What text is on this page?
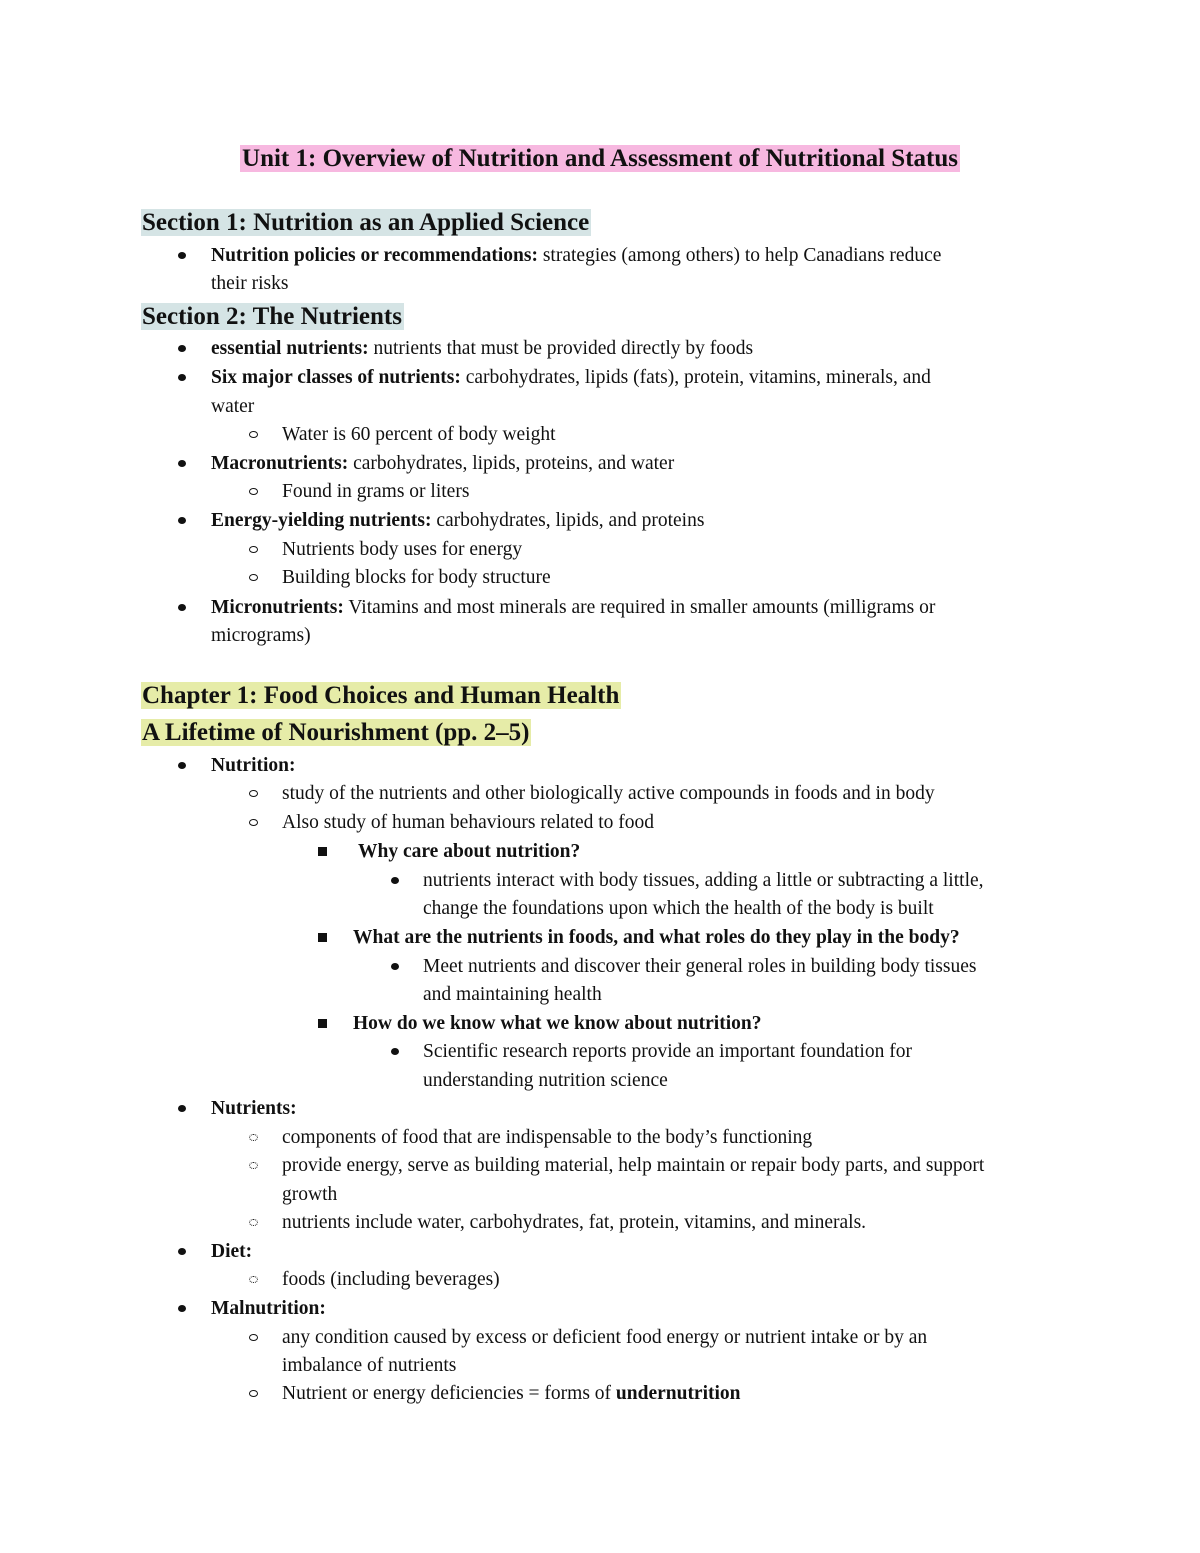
Unit 1: Overview of Nutrition and Assessment of Nutritional Status
Section 1: Nutrition as an Applied Science
Nutrition policies or recommendations: strategies (among others) to help Canadians reduce
their risks
Section 2: The Nutrients
essential nutrients: nutrients that must be provided directly by foods
Six major classes of nutrients: carbohydrates, lipids (fats), protein, vitamins, minerals, and
water
Water is 60 percent of body weight
Macronutrients: carbohydrates, lipids, proteins, and water
Found in grams or liters
Energy-yielding nutrients: carbohydrates, lipids, and proteins
Nutrients body uses for energy
Building blocks for body structure
Micronutrients: Vitamins and most minerals are required in smaller amounts (milligrams or
micrograms)
Chapter 1: Food Choices and Human Health
A Lifetime of Nourishment (pp. 2–5)
Nutrition:
study of the nutrients and other biologically active compounds in foods and in body
Also study of human behaviours related to food
Why care about nutrition?
nutrients interact with body tissues, adding a little or subtracting a little,
change the foundations upon which the health of the body is built
What are the nutrients in foods, and what roles do they play in the body?
Meet nutrients and discover their general roles in building body tissues
and maintaining health
How do we know what we know about nutrition?
Scientific research reports provide an important foundation for
understanding nutrition science
Nutrients:
components of food that are indispensable to the body’s functioning
provide energy, serve as building material, help maintain or repair body parts, and support
growth
nutrients include water, carbohydrates, fat, protein, vitamins, and minerals.
Diet:
foods (including beverages)
Malnutrition:
any condition caused by excess or deficient food energy or nutrient intake or by an
imbalance of nutrients
Nutrient or energy deficiencies = forms of undernutrition
